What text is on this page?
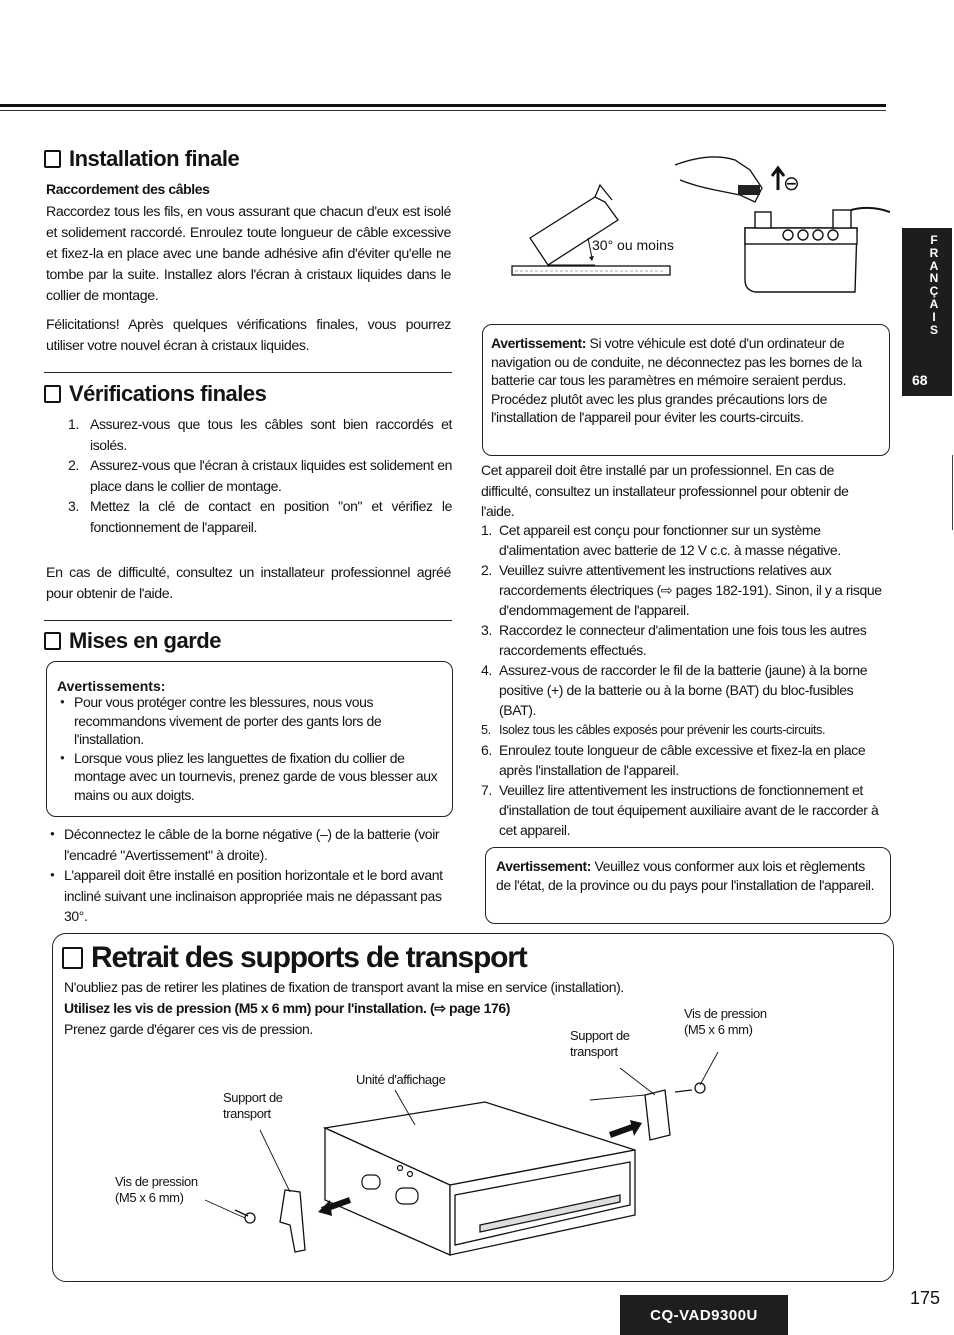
Installation finale
Raccordement des câbles
Raccordez tous les fils, en vous assurant que chacun d'eux est isolé et solidement raccordé. Enroulez toute longueur de câble excessive et fixez-la en place avec une bande adhésive afin d'éviter qu'elle ne tombe par la suite. Installez alors l'écran à cristaux liquides dans le collier de montage.
Félicitations! Après quelques vérifications finales, vous pourrez utiliser votre nouvel écran à cristaux liquides.
Vérifications finales
1. Assurez-vous que tous les câbles sont bien raccordés et isolés.
2. Assurez-vous que l'écran à cristaux liquides est solidement en place dans le collier de montage.
3. Mettez la clé de contact en position "on" et vérifiez le fonctionnement de l'appareil.
En cas de difficulté, consultez un installateur professionnel agréé pour obtenir de l'aide.
Mises en garde
Avertissements:
● Pour vous protéger contre les blessures, nous vous recommandons vivement de porter des gants lors de l'installation.
● Lorsque vous pliez les languettes de fixation du collier de montage avec un tournevis, prenez garde de vous blesser aux mains ou aux doigts.
● Déconnectez le câble de la borne négative (–) de la batterie (voir l'encadré "Avertissement" à droite).
● L'appareil doit être installé en position horizontale et le bord avant incliné suivant une inclinaison appropriée mais ne dépassant pas 30°.
30° ou moins
⊖
Avertissement: Si votre véhicule est doté d'un ordinateur de navigation ou de conduite, ne déconnectez pas les bornes de la batterie car tous les paramètres en mémoire seraient perdus. Procédez plutôt avec les plus grandes précautions lors de l'installation de l'appareil pour éviter les courts-circuits.
Cet appareil doit être installé par un professionnel. En cas de difficulté, consultez un installateur professionnel pour obtenir de l'aide.
1. Cet appareil est conçu pour fonctionner sur un système d'alimentation avec batterie de 12 V c.c. à masse négative.
2. Veuillez suivre attentivement les instructions relatives aux raccordements électriques (⇨ pages 182-191). Sinon, il y a risque d'endommagement de l'appareil.
3. Raccordez le connecteur d'alimentation une fois tous les autres raccordements effectués.
4. Assurez-vous de raccorder le fil de la batterie (jaune) à la borne positive (+) de la batterie ou à la borne (BAT) du bloc-fusibles (BAT).
5. Isolez tous les câbles exposés pour prévenir les courts-circuits.
6. Enroulez toute longueur de câble excessive et fixez-la en place après l'installation de l'appareil.
7. Veuillez lire attentivement les instructions de fonctionnement et d'installation de tout équipement auxiliaire avant de le raccorder à cet appareil.
Avertissement: Veuillez vous conformer aux lois et règlements de l'état, de la province ou du pays pour l'installation de l'appareil.
F
R
A
N
Ç
A
I
S
68
Retrait des supports de transport
N'oubliez pas de retirer les platines de fixation de transport avant la mise en service (installation).
Utilisez les vis de pression (M5 x 6 mm) pour l'installation. (⇨ page 176)
Prenez garde d'égarer ces vis de pression.
Vis de pression
(M5 x 6 mm)
Support de
transport
Unité d'affichage
Support de
transport
Vis de pression
(M5 x 6 mm)
175
CQ-VAD9300U
